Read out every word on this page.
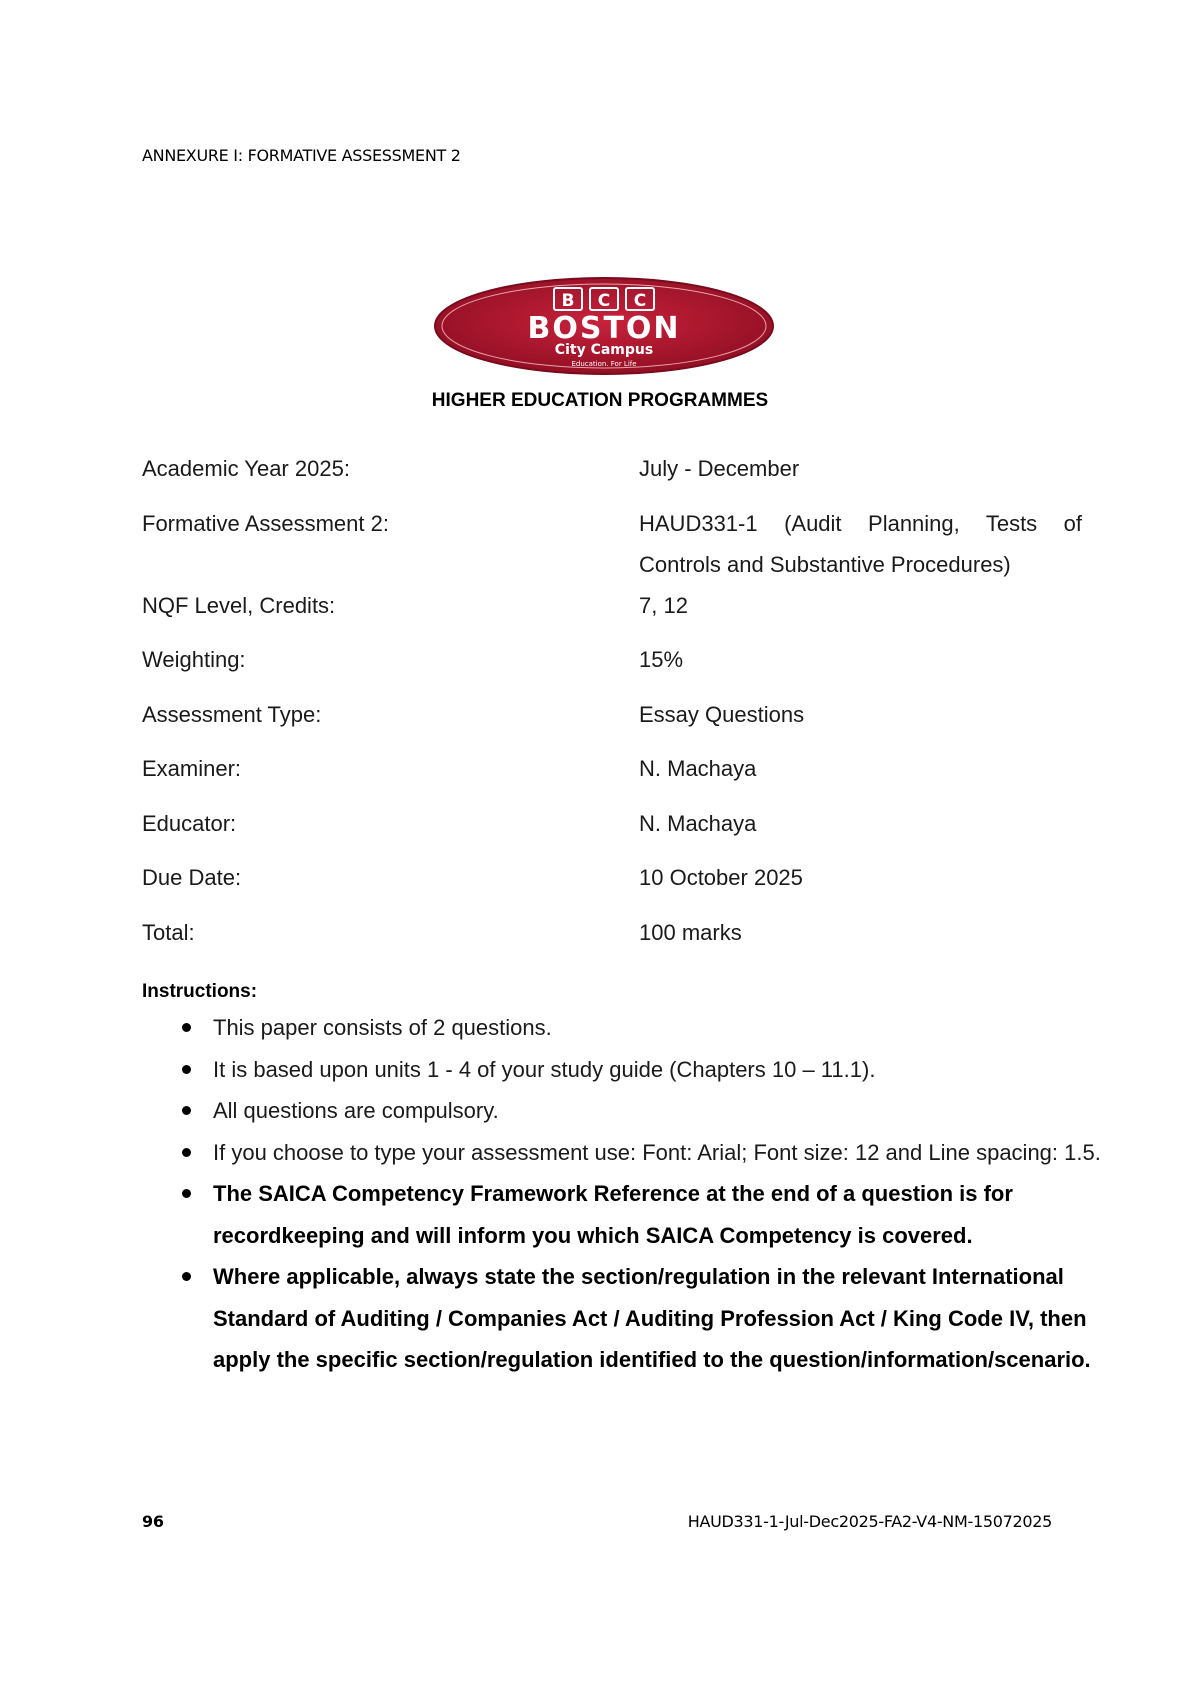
ANNEXURE I: FORMATIVE ASSESSMENT 2
B C C
BOSTON
City Campus
Education. For Life
HIGHER EDUCATION PROGRAMMES
Academic Year 2025:	July - December
Formative Assessment 2:	HAUD331-1 (Audit Planning, Tests of Controls and Substantive Procedures)
NQF Level, Credits:	7, 12
Weighting:	15%
Assessment Type:	Essay Questions
Examiner:	N. Machaya
Educator:	N. Machaya
Due Date:	10 October 2025
Total:	100 marks
Instructions:
This paper consists of 2 questions.
It is based upon units 1 - 4 of your study guide (Chapters 10 – 11.1).
All questions are compulsory.
If you choose to type your assessment use: Font: Arial; Font size: 12 and Line spacing: 1.5.
The SAICA Competency Framework Reference at the end of a question is for recordkeeping and will inform you which SAICA Competency is covered.
Where applicable, always state the section/regulation in the relevant International Standard of Auditing / Companies Act / Auditing Profession Act / King Code IV, then apply the specific section/regulation identified to the question/information/scenario.
96	HAUD331-1-Jul-Dec2025-FA2-V4-NM-15072025
